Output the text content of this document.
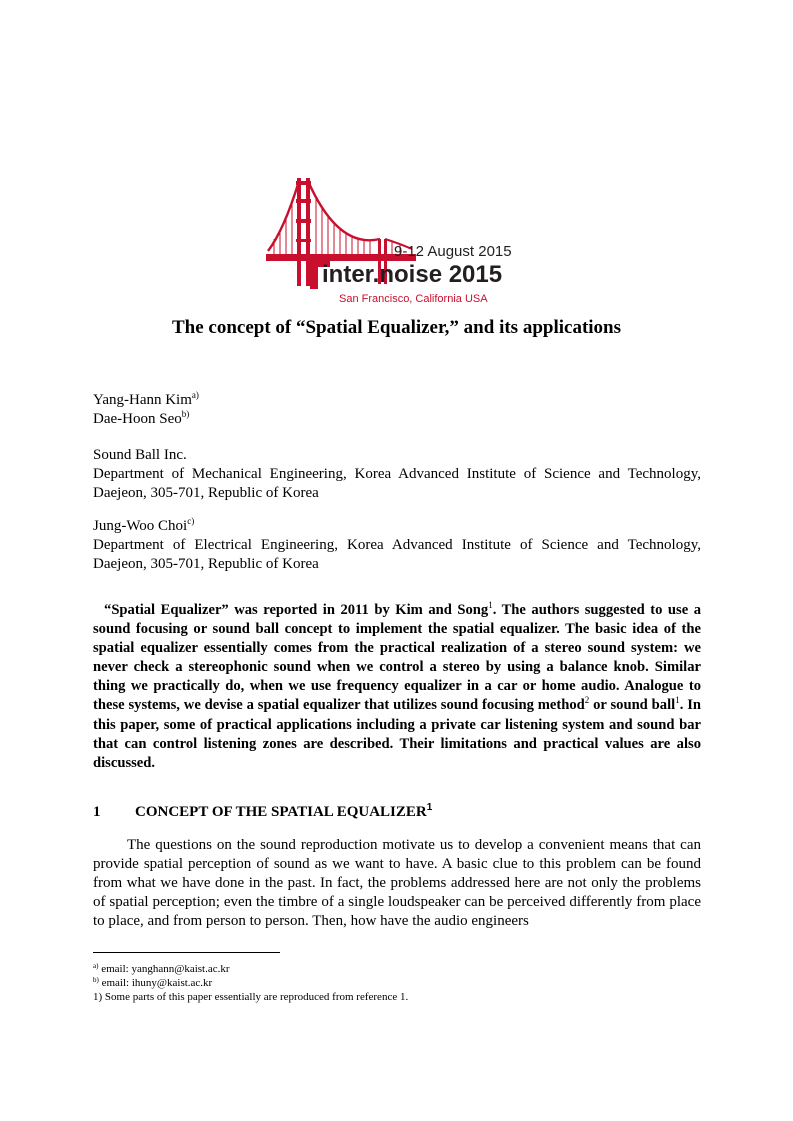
9-12 August 2015
inter.noise 2015
San Francisco, California USA
The concept of “Spatial Equalizer,” and its applications
Yang-Hann Kim$^{a)}$
Dae-Hoon Seo$^{b)}$
Sound Ball Inc.
Department of Mechanical Engineering, Korea Advanced Institute of Science and Technology,
Daejeon, 305-701, Republic of Korea
Jung-Woo Choi$^{c)}$
Department of Electrical Engineering, Korea Advanced Institute of Science and Technology,
Daejeon, 305-701, Republic of Korea
“Spatial Equalizer” was reported in 2011 by Kim and Song$^1$. The authors suggested to use a sound focusing or sound ball concept to implement the spatial equalizer. The basic idea of the spatial equalizer essentially comes from the practical realization of a stereo sound system: we never check a stereophonic sound when we control a stereo by using a balance knob. Similar thing we practically do, when we use frequency equalizer in a car or home audio. Analogue to these systems, we devise a spatial equalizer that utilizes sound focusing method$^2$ or sound ball$^1$. In this paper, some of practical applications including a private car listening system and sound bar that can control listening zones are described. Their limitations and practical values are also discussed.
1 CONCEPT OF THE SPATIAL EQUALIZER$^1$
The questions on the sound reproduction motivate us to develop a convenient means that can provide spatial perception of sound as we want to have. A basic clue to this problem can be found from what we have done in the past. In fact, the problems addressed here are not only the problems of spatial perception; even the timbre of a single loudspeaker can be perceived differently from place to place, and from person to person. Then, how have the audio engineers
$^{a)}$ email: yanghann@kaist.ac.kr
$^{b)}$ email: ihuny@kaist.ac.kr
1) Some parts of this paper essentially are reproduced from reference 1.
